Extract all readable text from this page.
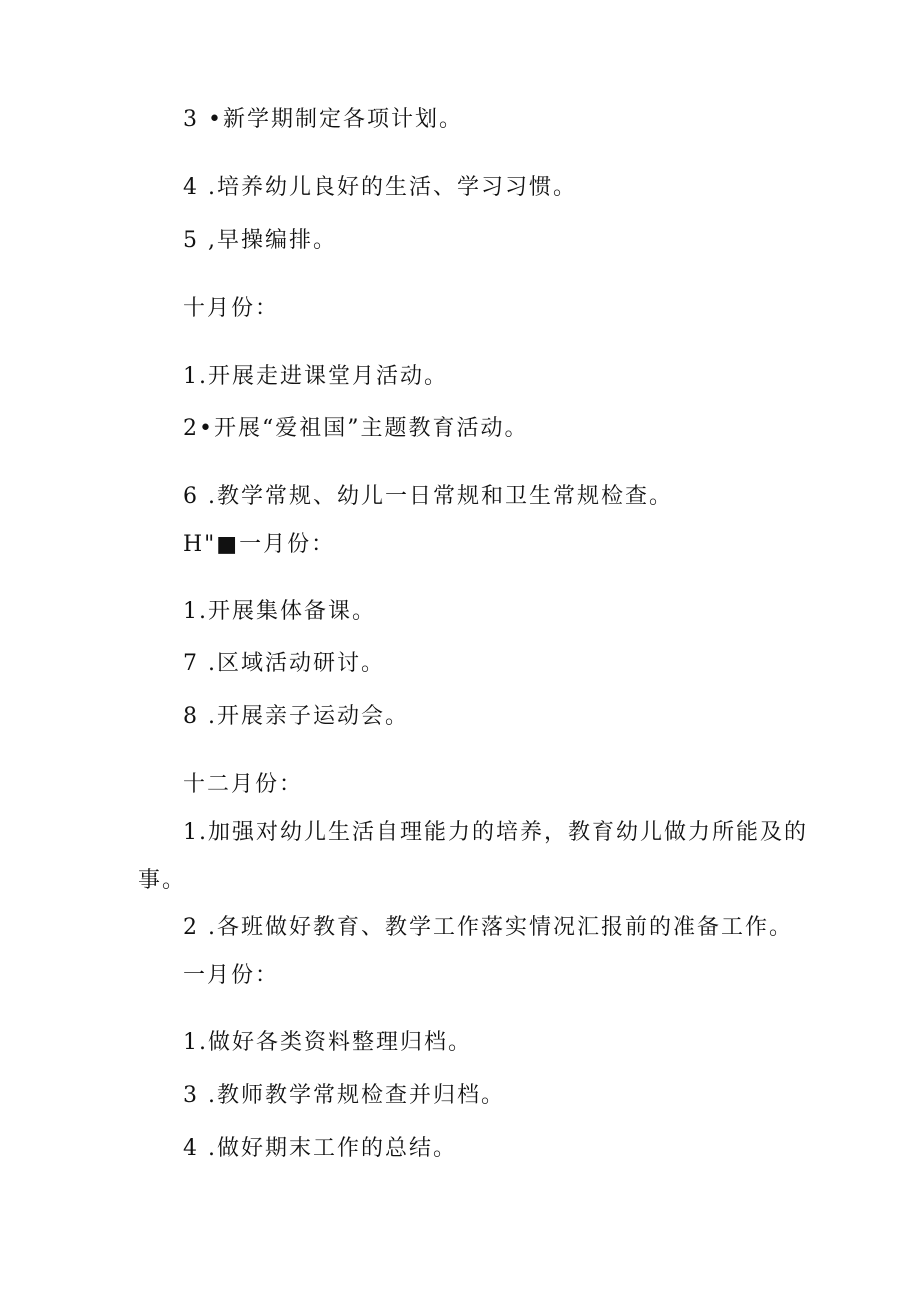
3 •新学期制定各项计划。
4 .培养幼儿良好的生活、学习习惯。
5 ,早操编排。
十月份：
1.开展走进课堂月活动。
2•开展“爱祖国”主题教育活动。
6 .教学常规、幼儿一日常规和卫生常规检查。
H"■一月份：
1.开展集体备课。
7 .区域活动研讨。
8 .开展亲子运动会。
十二月份：
1.加强对幼儿生活自理能力的培养，教育幼儿做力所能及的
事。
2 .各班做好教育、教学工作落实情况汇报前的准备工作。
一月份：
1.做好各类资料整理归档。
3 .教师教学常规检查并归档。
4 .做好期末工作的总结。
